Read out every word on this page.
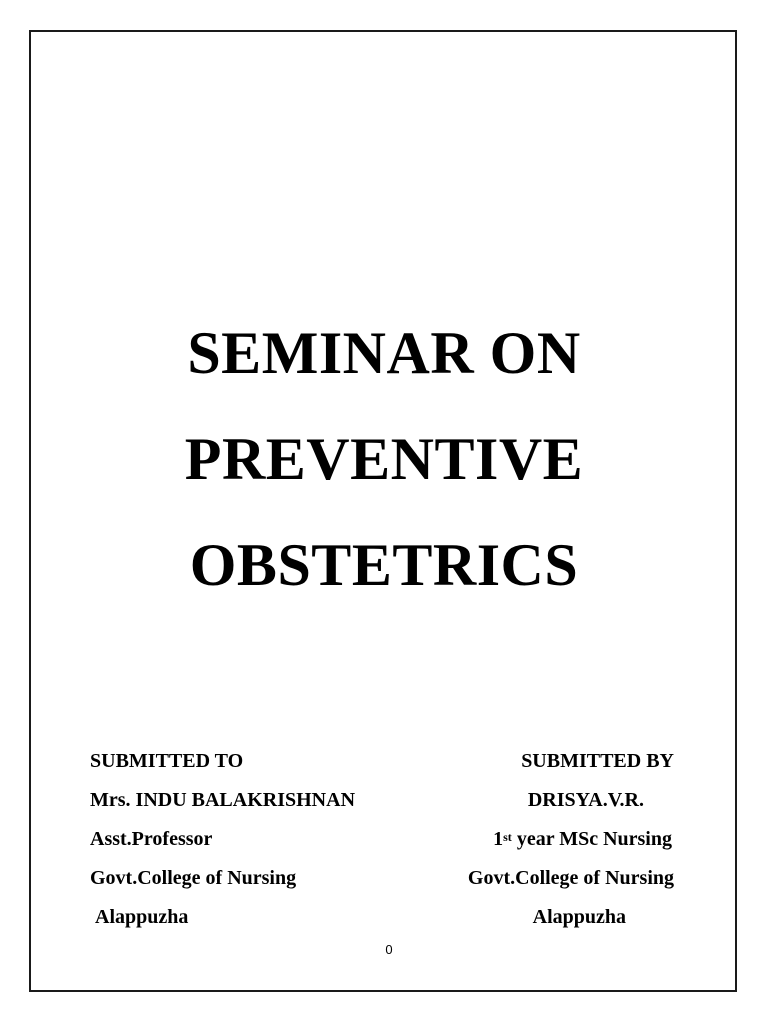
SEMINAR ON
PREVENTIVE
OBSTETRICS
SUBMITTED TO
Mrs. INDU BALAKRISHNAN
Asst.Professor
Govt.College of Nursing
Alappuzha
SUBMITTED BY
DRISYA.V.R.
1st year MSc Nursing
Govt.College of Nursing
Alappuzha
0
